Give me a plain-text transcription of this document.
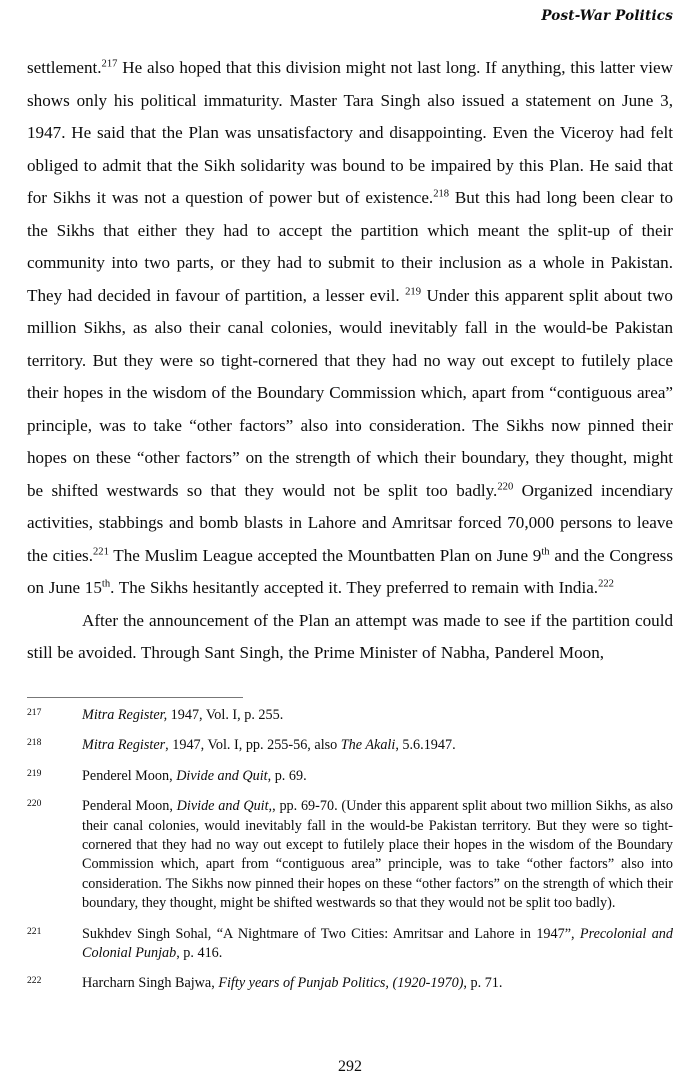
Post-War Politics

settlement.$^{217}$ He also hoped that this division might not last long. If anything, this latter view shows only his political immaturity. Master Tara Singh also issued a statement on June 3, 1947. He said that the Plan was unsatisfactory and disappointing. Even the Viceroy had felt obliged to admit that the Sikh solidarity was bound to be impaired by this Plan. He said that for Sikhs it was not a question of power but of existence.$^{218}$ But this had long been clear to the Sikhs that either they had to accept the partition which meant the split-up of their community into two parts, or they had to submit to their inclusion as a whole in Pakistan. They had decided in favour of partition, a lesser evil. $^{219}$ Under this apparent split about two million Sikhs, as also their canal colonies, would inevitably fall in the would-be Pakistan territory. But they were so tight-cornered that they had no way out except to futilely place their hopes in the wisdom of the Boundary Commission which, apart from “contiguous area” principle, was to take “other factors” also into consideration. The Sikhs now pinned their hopes on these “other factors” on the strength of which their boundary, they thought, might be shifted westwards so that they would not be split too badly.$^{220}$ Organized incendiary activities, stabbings and bomb blasts in Lahore and Amritsar forced 70,000 persons to leave the cities.$^{221}$ The Muslim League accepted the Mountbatten Plan on June 9th and the Congress on June 15th. The Sikhs hesitantly accepted it. They preferred to remain with India.$^{222}$

After the announcement of the Plan an attempt was made to see if the partition could still be avoided. Through Sant Singh, the Prime Minister of Nabha, Panderel Moon,

217	Mitra Register, 1947, Vol. I, p. 255.
218	Mitra Register, 1947, Vol. I, pp. 255-56, also The Akali, 5.6.1947.
219	Penderel Moon, Divide and Quit, p. 69.
220	Penderal Moon, Divide and Quit,, pp. 69-70. (Under this apparent split about two million Sikhs, as also their canal colonies, would inevitably fall in the would-be Pakistan territory. But they were so tight-cornered that they had no way out except to futilely place their hopes in the wisdom of the Boundary Commission which, apart from “contiguous area” principle, was to take “other factors” also into consideration. The Sikhs now pinned their hopes on these “other factors” on the strength of which their boundary, they thought, might be shifted westwards so that they would not be split too badly).
221	Sukhdev Singh Sohal, “A Nightmare of Two Cities: Amritsar and Lahore in 1947”, Precolonial and Colonial Punjab, p. 416.
222	Harcharn Singh Bajwa, Fifty years of Punjab Politics, (1920-1970), p. 71.
292
